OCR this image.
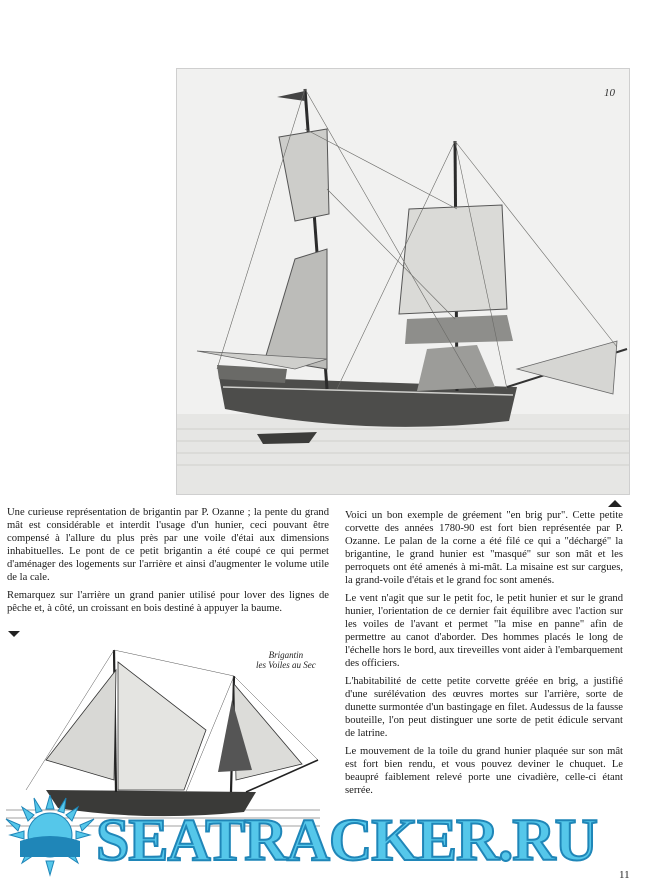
10

Une curieuse représentation de brigantin par P. Ozanne ; la pente du grand mât est considérable et interdit l'usage d'un hunier, ceci pouvant être compensé à l'allure du plus près par une voile d'étai aux dimensions inhabituelles. Le pont de ce petit brigantin a été coupé ce qui permet d'aménager des logements sur l'arrière et ainsi d'augmenter le volume utile de la cale.

Remarquez sur l'arrière un grand panier utilisé pour lover des lignes de pêche et, à côté, un croissant en bois destiné à appuyer la baume.

Brigantin
les Voiles au Sec

Voici un bon exemple de gréement "en brig pur". Cette petite corvette des années 1780-90 est fort bien représentée par P. Ozanne. Le palan de la corne a été filé ce qui a "déchargé" la brigantine, le grand hunier est "masqué" sur son mât et les perroquets ont été amenés à mi-mât. La misaine est sur cargues, la grand-voile d'étais et le grand foc sont amenés.

Le vent n'agit que sur le petit foc, le petit hunier et sur le grand hunier, l'orientation de ce dernier fait équilibre avec l'action sur les voiles de l'avant et permet "la mise en panne" afin de permettre au canot d'aborder. Des hommes placés le long de l'échelle hors le bord, aux tireveilles vont aider à l'embarquement des officiers.

L'habitabilité de cette petite corvette gréée en brig, a justifié d'une surélévation des œuvres mortes sur l'arrière, sorte de dunette surmontée d'un bastingage en filet. Audessus de la fausse bouteille, l'on peut distinguer une sorte de petit édicule servant de latrine.

Le mouvement de la toile du grand hunier plaquée sur son mât est fort bien rendu, et vous pouvez deviner le chuquet. Le beaupré faiblement relevé porte une civadière, celle-ci étant serrée.

SEATRACKER.RU
11
